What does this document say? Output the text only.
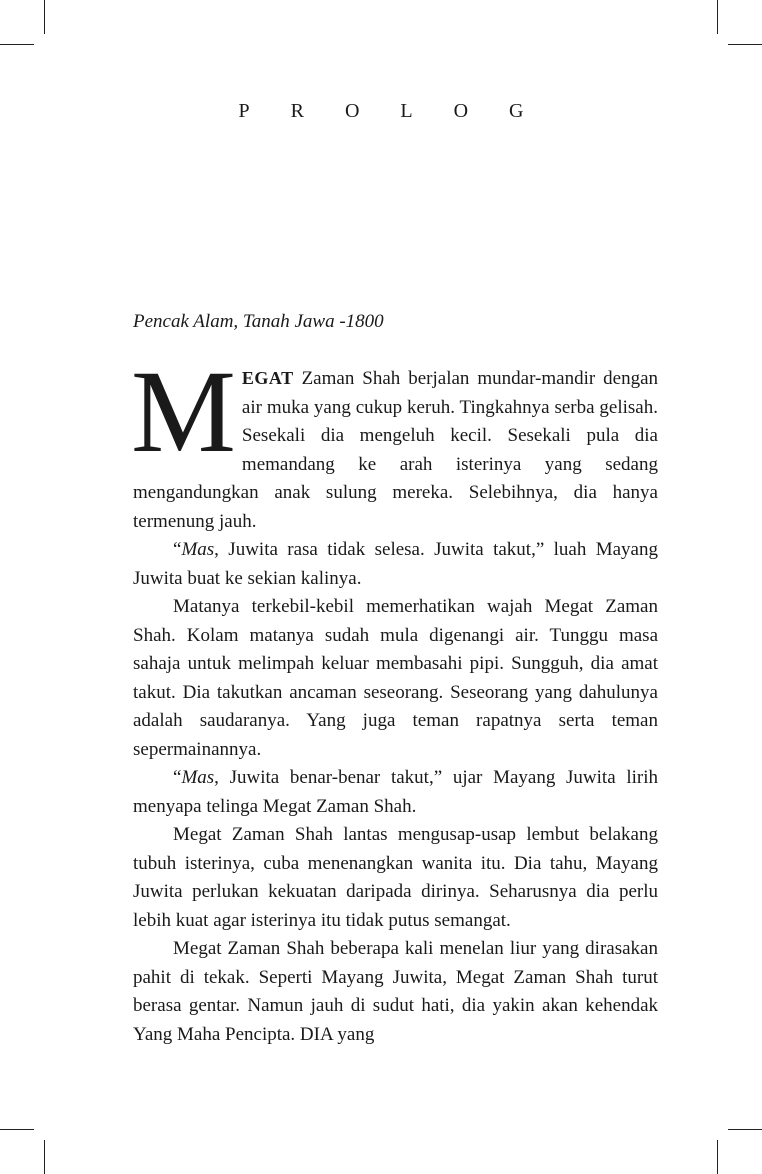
PROLOG
Pencak Alam, Tanah Jawa -1800

MEGAT Zaman Shah berjalan mundar-mandir dengan air muka yang cukup keruh. Tingkahnya serba gelisah. Sesekali dia mengeluh kecil. Sesekali pula dia memandang ke arah isterinya yang sedang mengandungkan anak sulung mereka. Selebihnya, dia hanya termenung jauh.

“Mas, Juwita rasa tidak selesa. Juwita takut,” luah Mayang Juwita buat ke sekian kalinya.

Matanya terkebil-kebil memerhatikan wajah Megat Zaman Shah. Kolam matanya sudah mula digenangi air. Tunggu masa sahaja untuk melimpah keluar membasahi pipi. Sungguh, dia amat takut. Dia takutkan ancaman seseorang. Seseorang yang dahulunya adalah saudaranya. Yang juga teman rapatnya serta teman sepermainannya.

“Mas, Juwita benar-benar takut,” ujar Mayang Juwita lirih menyapa telinga Megat Zaman Shah.

Megat Zaman Shah lantas mengusap-usap lembut belakang tubuh isterinya, cuba menenangkan wanita itu. Dia tahu, Mayang Juwita perlukan kekuatan daripada dirinya. Seharusnya dia perlu lebih kuat agar isterinya itu tidak putus semangat.

Megat Zaman Shah beberapa kali menelan liur yang dirasakan pahit di tekak. Seperti Mayang Juwita, Megat Zaman Shah turut berasa gentar. Namun jauh di sudut hati, dia yakin akan kehendak Yang Maha Pencipta. DIA yang
